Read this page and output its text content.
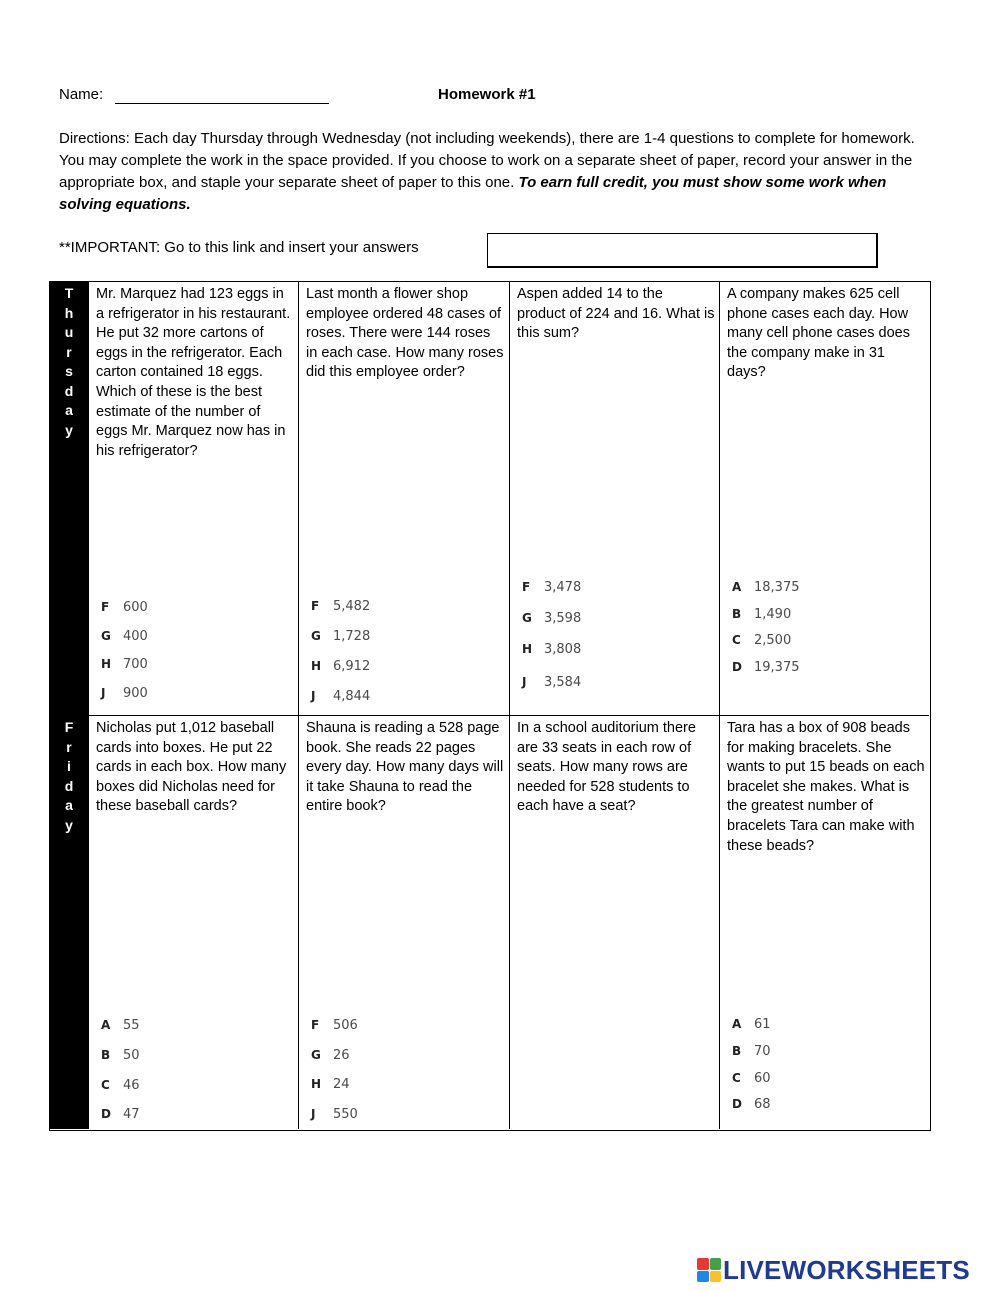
Name:	Homework #1

Directions: Each day Thursday through Wednesday (not including weekends), there are 1-4 questions to complete for homework. You may complete the work in the space provided. If you choose to work on a separate sheet of paper, record your answer in the appropriate box, and staple your separate sheet of paper to this one. To earn full credit, you must show some work when solving equations.

**IMPORTANT: Go to this link and insert your answers
T
h
u
r
s
d
a
y
Mr. Marquez had 123 eggs in a refrigerator in his restaurant. He put 32 more cartons of eggs in the refrigerator. Each carton contained 18 eggs. Which of these is the best estimate of the number of eggs Mr. Marquez now has in his refrigerator?
F 600
G 400
H 700
J 900
Last month a flower shop employee ordered 48 cases of roses. There were 144 roses in each case. How many roses did this employee order?
F 5,482
G 1,728
H 6,912
J 4,844
Aspen added 14 to the product of 224 and 16. What is this sum?
F 3,478
G 3,598
H 3,808
J 3,584
A company makes 625 cell phone cases each day. How many cell phone cases does the company make in 31 days?
A 18,375
B 1,490
C 2,500
D 19,375
F
r
i
d
a
y
Nicholas put 1,012 baseball cards into boxes. He put 22 cards in each box. How many boxes did Nicholas need for these baseball cards?
A 55
B 50
C 46
D 47
Shauna is reading a 528 page book. She reads 22 pages every day. How many days will it take Shauna to read the entire book?
F 506
G 26
H 24
J 550
In a school auditorium there are 33 seats in each row of seats. How many rows are needed for 528 students to each have a seat?
Tara has a box of 908 beads for making bracelets. She wants to put 15 beads on each bracelet she makes. What is the greatest number of bracelets Tara can make with these beads?
A 61
B 70
C 60
D 68
LIVEWORKSHEETS
